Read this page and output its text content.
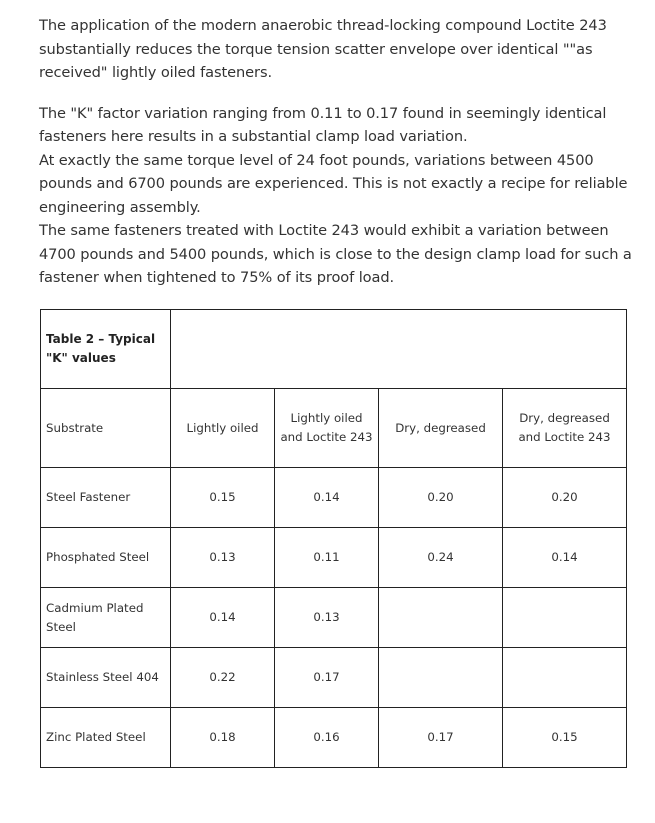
The application of the modern anaerobic thread-locking compound Loctite 243
substantially reduces the torque tension scatter envelope over identical ""as
received" lightly oiled fasteners.

The "K" factor variation ranging from 0.11 to 0.17 found in seemingly identical
fasteners here results in a substantial clamp load variation.
At exactly the same torque level of 24 foot pounds, variations between 4500
pounds and 6700 pounds are experienced. This is not exactly a recipe for reliable
engineering assembly.
The same fasteners treated with Loctite 243 would exhibit a variation between
4700 pounds and 5400 pounds, which is close to the design clamp load for such a
fastener when tightened to 75% of its proof load.

Table 2 – Typical
"K" values				

Substrate	Lightly oiled	Lightly oiled and Loctite 243	Dry, degreased	Dry, degreased and Loctite 243
Steel Fastener	0.15	0.14	0.20	0.20
Phosphated Steel	0.13	0.11	0.24	0.14
Cadmium Plated Steel	0.14	0.13		
Stainless Steel 404	0.22	0.17		
Zinc Plated Steel	0.18	0.16	0.17	0.15
